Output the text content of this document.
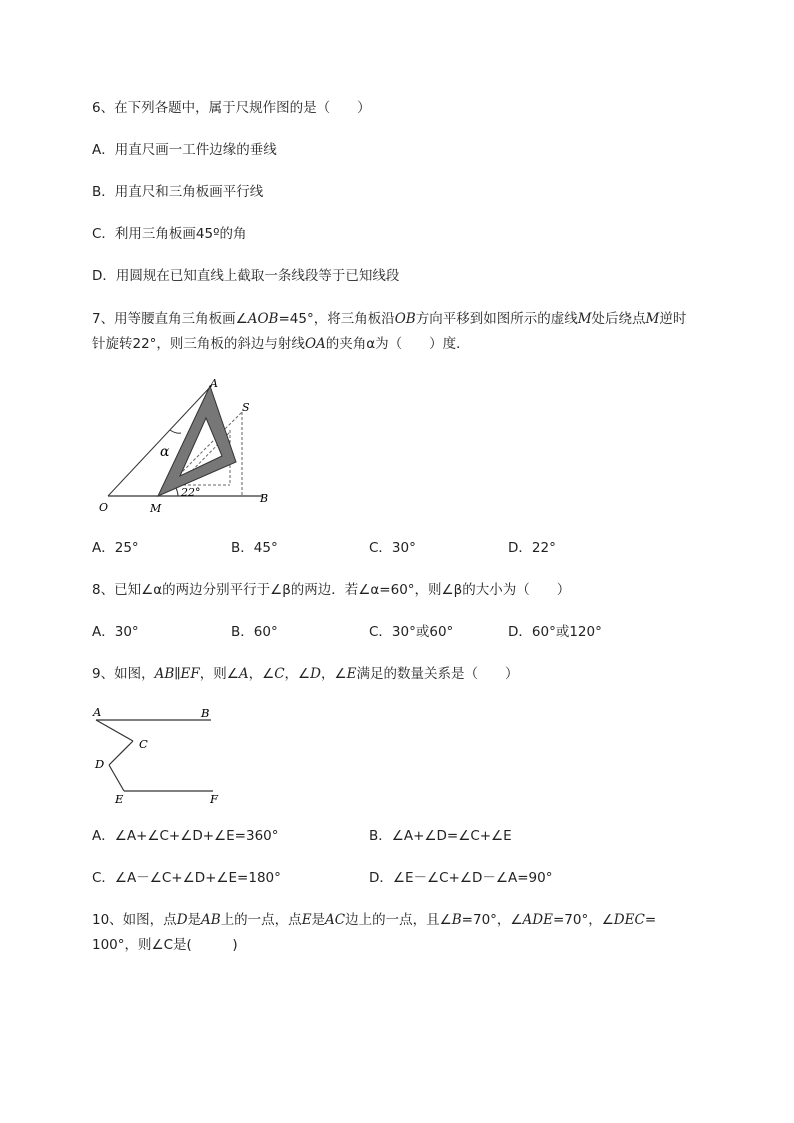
6、在下列各题中，属于尺规作图的是（　　）
A．用直尺画一工件边缘的垂线
B．用直尺和三角板画平行线
C．利用三角板画45º的角
D．用圆规在已知直线上截取一条线段等于已知线段
7、用等腰直角三角板画∠AOB=45°，将三角板沿OB方向平移到如图所示的虚线M处后绕点M逆时
针旋转22°，则三角板的斜边与射线OA的夹角α为（　　）度．
A
S
α
22°
O	M
B
A．25°	B．45°	C．30°	D．22°
8、已知∠α的两边分别平行于∠β的两边．若∠α=60°，则∠β的大小为（　　）
A．30°	B．60°	C．30°或60°	D．60°或120°
9、如图，AB∥EF，则∠A，∠C，∠D，∠E满足的数量关系是（　　）
A	B
C
D
E	F
A．∠A+∠C+∠D+∠E=360°	B．∠A+∠D=∠C+∠E
C．∠A－∠C+∠D+∠E=180°	D．∠E－∠C+∠D－∠A=90°
10、如图，点D是AB上的一点，点E是AC边上的一点，且∠B=70°，∠ADE=70°，∠DEC=
100°，则∠C是(　　　)
